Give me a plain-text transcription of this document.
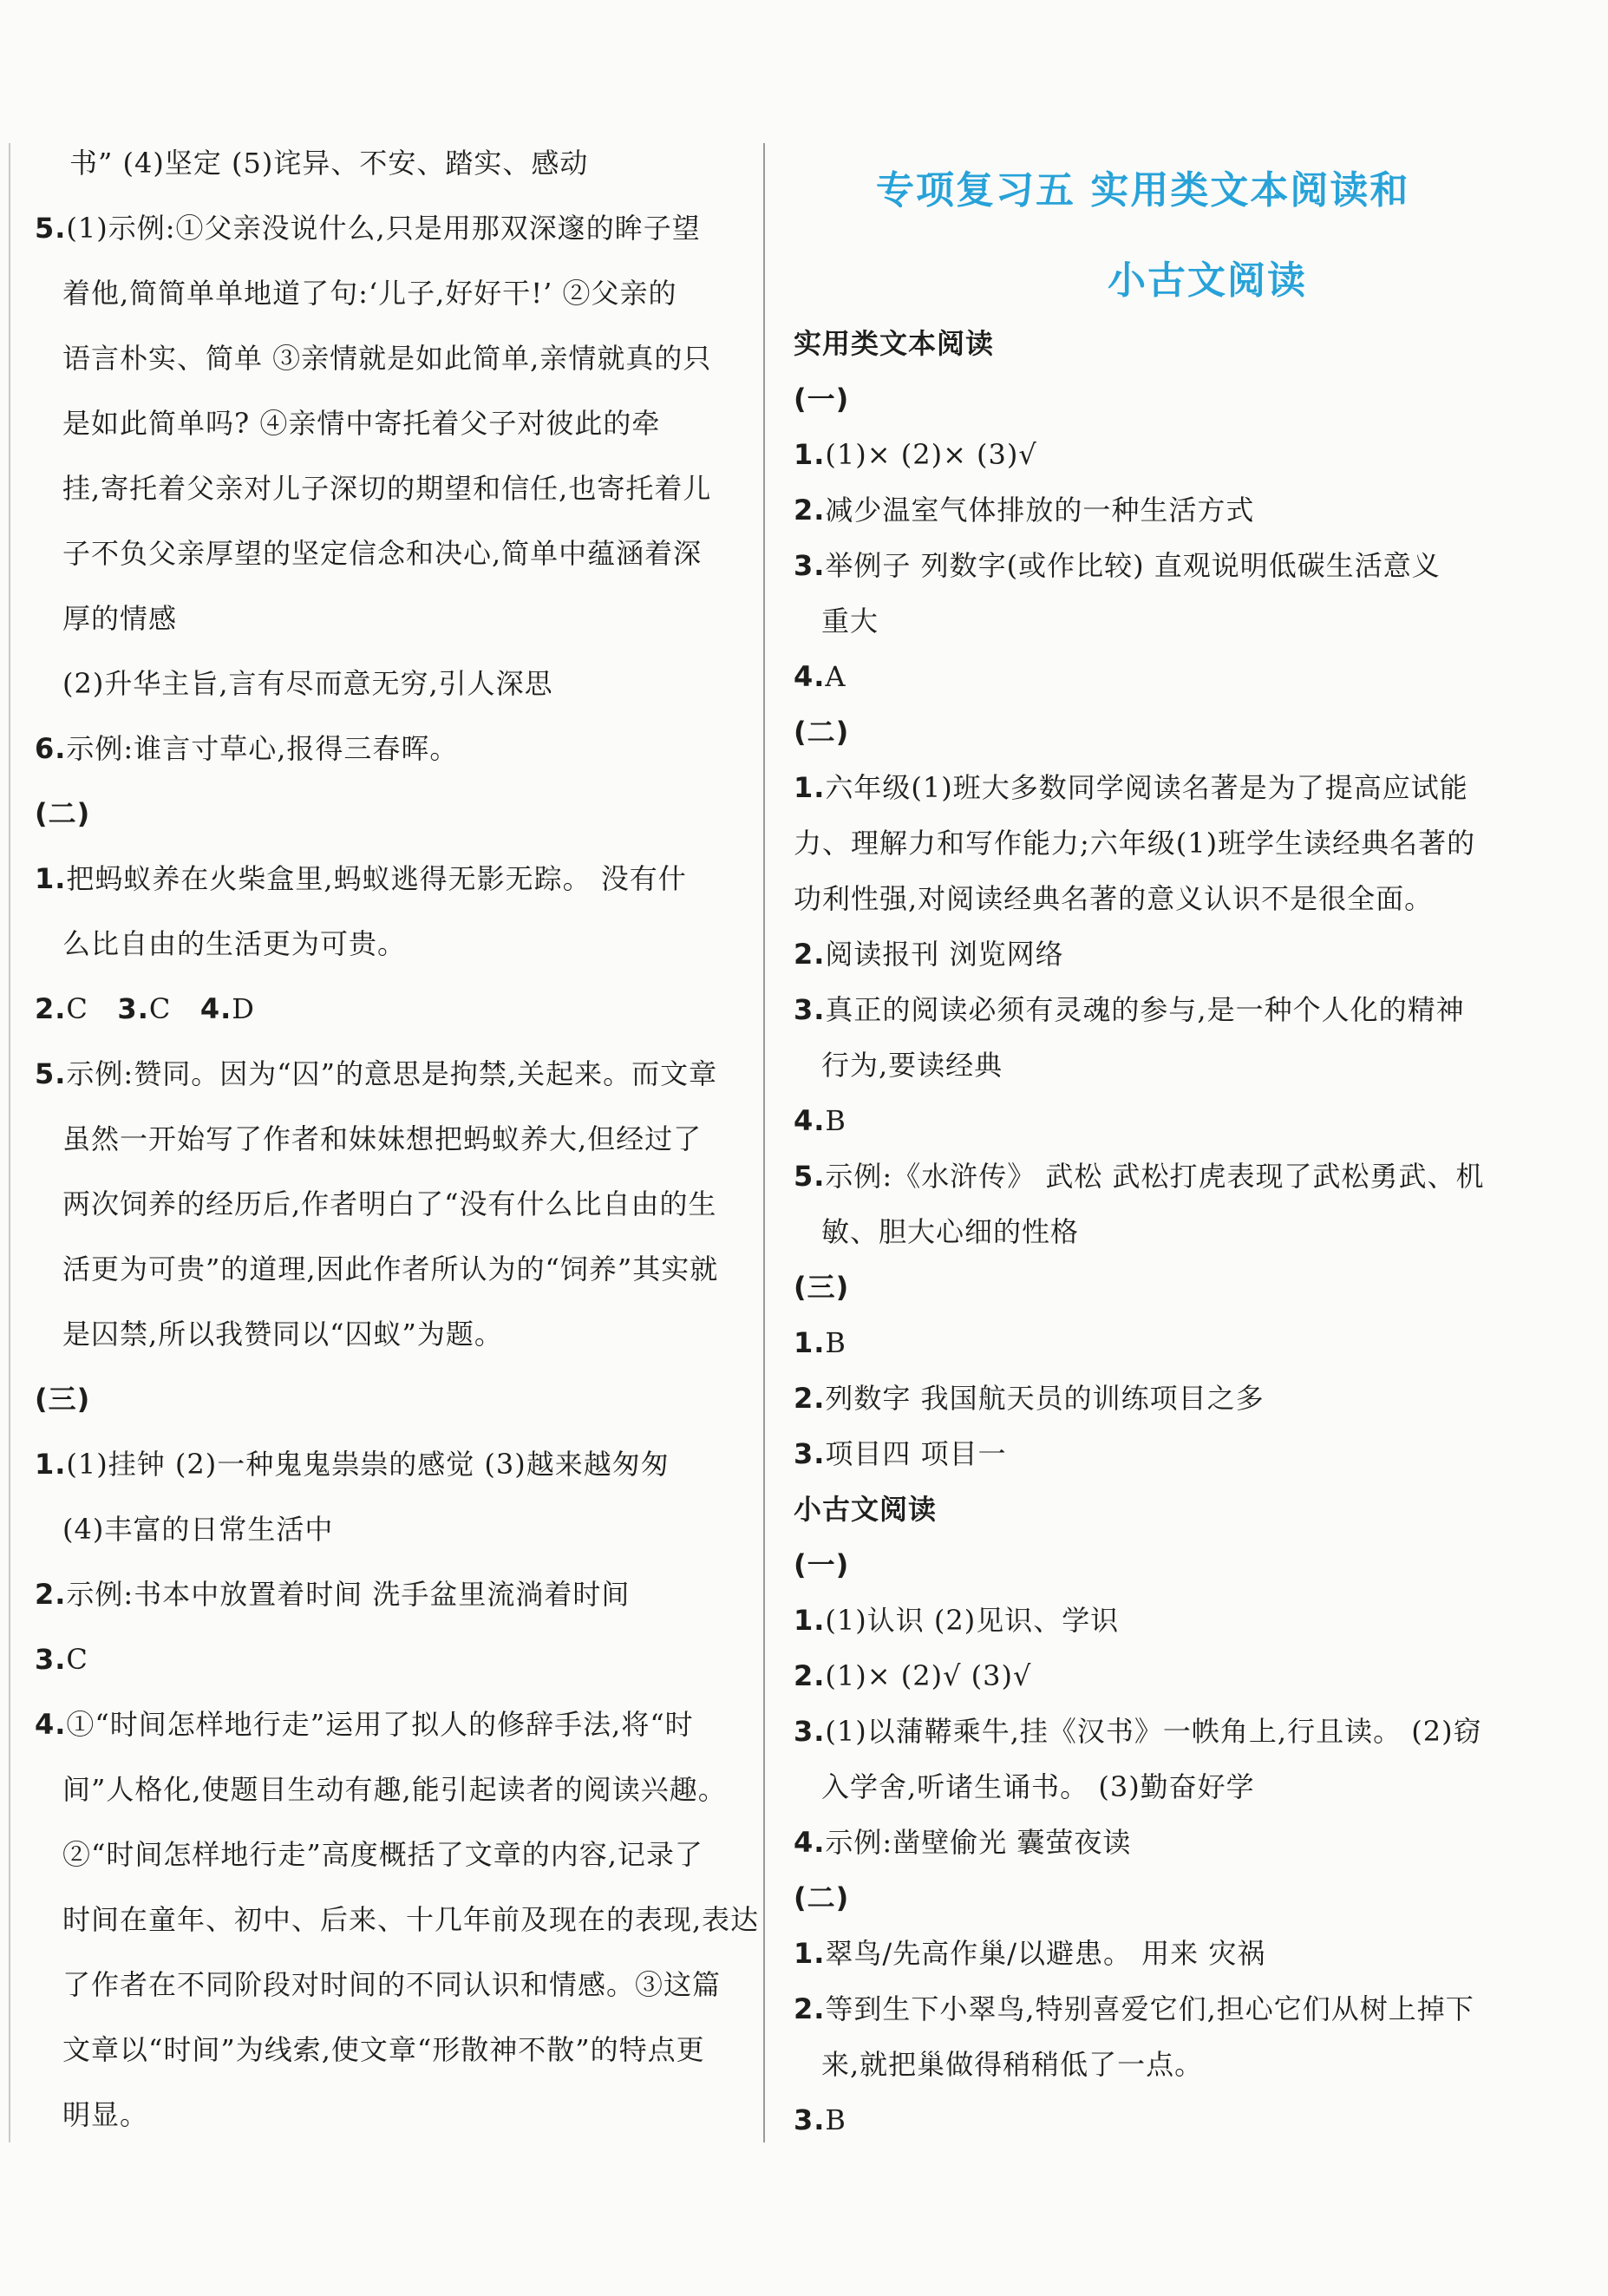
书” (4)坚定 (5)诧异、不安、踏实、感动
5.(1)示例:①父亲没说什么,只是用那双深邃的眸子望
着他,简简单单地道了句:‘儿子,好好干!’ ②父亲的
语言朴实、简单 ③亲情就是如此简单,亲情就真的只
是如此简单吗? ④亲情中寄托着父子对彼此的牵
挂,寄托着父亲对儿子深切的期望和信任,也寄托着儿
子不负父亲厚望的坚定信念和决心,简单中蕴涵着深
厚的情感
(2)升华主旨,言有尽而意无穷,引人深思
6.示例:谁言寸草心,报得三春晖。
(二)
1.把蚂蚁养在火柴盒里,蚂蚁逃得无影无踪。 没有什
么比自由的生活更为可贵。
2.C 3.C 4.D
5.示例:赞同。因为“囚”的意思是拘禁,关起来。而文章
虽然一开始写了作者和妹妹想把蚂蚁养大,但经过了
两次饲养的经历后,作者明白了“没有什么比自由的生
活更为可贵”的道理,因此作者所认为的“饲养”其实就
是囚禁,所以我赞同以“囚蚁”为题。
(三)
1.(1)挂钟 (2)一种鬼鬼祟祟的感觉 (3)越来越匆匆
(4)丰富的日常生活中
2.示例:书本中放置着时间 洗手盆里流淌着时间
3.C
4.①“时间怎样地行走”运用了拟人的修辞手法,将“时
间”人格化,使题目生动有趣,能引起读者的阅读兴趣。
②“时间怎样地行走”高度概括了文章的内容,记录了
时间在童年、初中、后来、十几年前及现在的表现,表达
了作者在不同阶段对时间的不同认识和情感。③这篇
文章以“时间”为线索,使文章“形散神不散”的特点更
明显。
专项复习五 实用类文本阅读和
小古文阅读
实用类文本阅读
(一)
1.(1)× (2)× (3)√
2.减少温室气体排放的一种生活方式
3.举例子 列数字(或作比较) 直观说明低碳生活意义
重大
4.A
(二)
1.六年级(1)班大多数同学阅读名著是为了提高应试能
力、理解力和写作能力;六年级(1)班学生读经典名著的
功利性强,对阅读经典名著的意义认识不是很全面。
2.阅读报刊 浏览网络
3.真正的阅读必须有灵魂的参与,是一种个人化的精神
行为,要读经典
4.B
5.示例:《水浒传》 武松 武松打虎表现了武松勇武、机
敏、胆大心细的性格
(三)
1.B
2.列数字 我国航天员的训练项目之多
3.项目四 项目一
小古文阅读
(一)
1.(1)认识 (2)见识、学识
2.(1)× (2)√ (3)√
3.(1)以蒲鞯乘牛,挂《汉书》一帙角上,行且读。 (2)窃
入学舍,听诸生诵书。 (3)勤奋好学
4.示例:凿壁偷光 囊萤夜读
(二)
1.翠鸟/先高作巢/以避患。 用来 灾祸
2.等到生下小翠鸟,特别喜爱它们,担心它们从树上掉下
来,就把巢做得稍稍低了一点。
3.B
